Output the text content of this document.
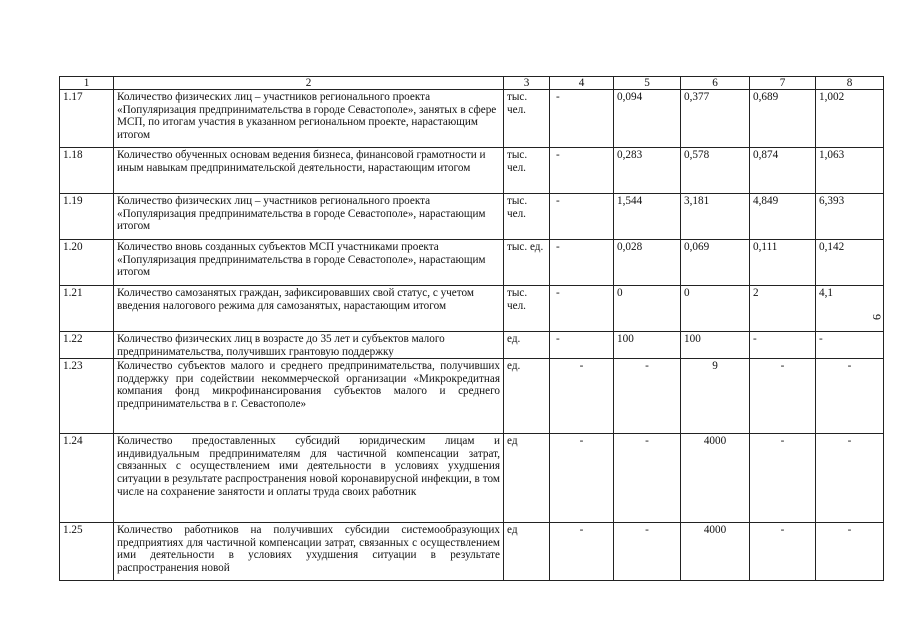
1	2	3	4	5	6	7	8
1.17	Количество физических лиц – участников регионального проекта «Популяризация предпринимательства в городе Севастополе», занятых в сфере МСП, по итогам участия в указанном региональном проекте, нарастающим итогом	тыс. чел.	-	0,094	0,377	0,689	1,002
1.18	Количество обученных основам ведения бизнеса, финансовой грамотности и иным навыкам предпринимательской деятельности, нарастающим итогом	тыс. чел.	-	0,283	0,578	0,874	1,063
1.19	Количество физических лиц – участников регионального проекта «Популяризация предпринимательства в городе Севастополе», нарастающим итогом	тыс. чел.	-	1,544	3,181	4,849	6,393
1.20	Количество вновь созданных субъектов МСП участниками проекта «Популяризация предпринимательства в городе Севастополе», нарастающим итогом	тыс. ед.	-	0,028	0,069	0,111	0,142
1.21	Количество самозанятых граждан, зафиксировавших свой статус, с учетом введения налогового режима для самозанятых, нарастающим итогом	тыс. чел.	-	0	0	2	4,1
1.22	Количество физических лиц в возрасте до 35 лет и субъектов малого предпринимательства, получивших грантовую поддержку	ед.	-	100	100	-	-
1.23	Количество субъектов малого и среднего предпринимательства, получивших поддержку при содействии некоммерческой организации «Микрокредитная компания фонд микрофинансирования субъектов малого и среднего предпринимательства в г. Севастополе»	ед.	-	-	9	-	-
1.24	Количество предоставленных субсидий юридическим лицам и индивидуальным предпринимателям для частичной компенсации затрат, связанных с осуществлением ими деятельности в условиях ухудшения ситуации в результате распространения новой коронавирусной инфекции, в том числе на сохранение занятости и оплаты труда своих работник	ед	-	-	4000	-	-
1.25	Количество работников на получивших субсидии системообразующих предприятиях для частичной компенсации затрат, связанных с осуществлением ими деятельности в условиях ухудшения ситуации в результате распространения новой	ед	-	-	4000	-	-
9
